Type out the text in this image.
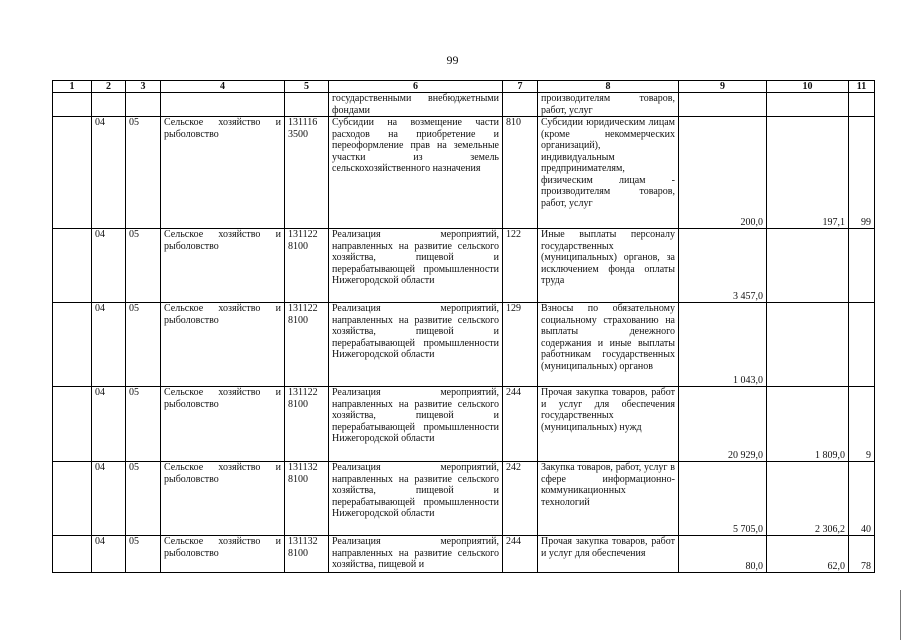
99
1	2	3	4	5	6	7	8	9	10	11
					государственными внебюджетными фондами		производителям товаров, работ, услуг			
	04	05	Сельское хозяйство и рыболовство	131116 3500	Субсидии на возмещение части расходов на приобретение и переоформление прав на земельные участки из земель сельскохозяйственного назначения	810	Субсидии юридическим лицам (кроме некоммерческих организаций), индивидуальным предпринимателям, физическим лицам - производителям товаров, работ, услуг	200,0	197,1	99
	04	05	Сельское хозяйство и рыболовство	131122 8100	Реализация мероприятий, направленных на развитие сельского хозяйства, пищевой и перерабатывающей промышленности Нижегородской области	122	Иные выплаты персоналу государственных (муниципальных) органов, за исключением фонда оплаты труда	3 457,0		
	04	05	Сельское хозяйство и рыболовство	131122 8100	Реализация мероприятий, направленных на развитие сельского хозяйства, пищевой и перерабатывающей промышленности Нижегородской области	129	Взносы по обязательному социальному страхованию на выплаты денежного содержания и иные выплаты работникам государственных (муниципальных) органов	1 043,0		
	04	05	Сельское хозяйство и рыболовство	131122 8100	Реализация мероприятий, направленных на развитие сельского хозяйства, пищевой и перерабатывающей промышленности Нижегородской области	244	Прочая закупка товаров, работ и услуг для обеспечения государственных (муниципальных) нужд	20 929,0	1 809,0	9
	04	05	Сельское хозяйство и рыболовство	131132 8100	Реализация мероприятий, направленных на развитие сельского хозяйства, пищевой и перерабатывающей промышленности Нижегородской области	242	Закупка товаров, работ, услуг в сфере информационно-коммуникационных технологий	5 705,0	2 306,2	40
	04	05	Сельское хозяйство и рыболовство	131132 8100	Реализация мероприятий, направленных на развитие сельского хозяйства, пищевой и	244	Прочая закупка товаров, работ и услуг для обеспечения	80,0	62,0	78
